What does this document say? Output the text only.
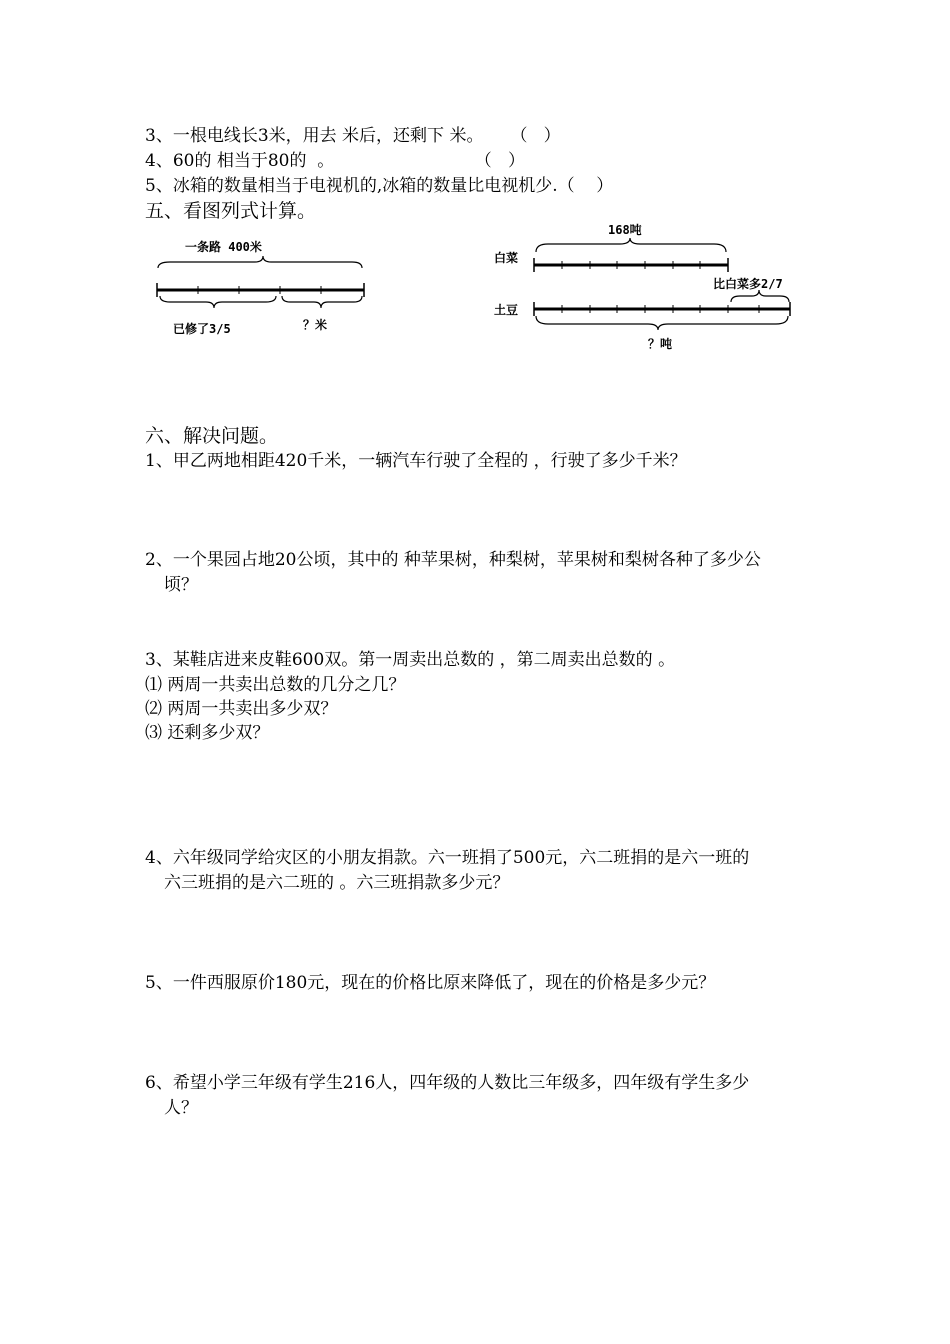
3、一根电线长3米，用去 米后，还剩下 米。     （   ）
4、60的 相当于80的  。                          （   ）
5、冰箱的数量相当于电视机的,冰箱的数量比电视机少.（    ）
五、看图列式计算。
一条路 400米
已修了3/5	？米
168吨
白菜
土豆
比白菜多2/7
？吨
六、解决问题。
1、甲乙两地相距420千米，一辆汽车行驶了全程的 ，行驶了多少千米？
2、一个果园占地20公顷，其中的 种苹果树，种梨树，苹果树和梨树各种了多少公
顷？
3、某鞋店进来皮鞋600双。第一周卖出总数的 ，第二周卖出总数的 。
⑴ 两周一共卖出总数的几分之几？
⑵ 两周一共卖出多少双？
⑶ 还剩多少双？
4、六年级同学给灾区的小朋友捐款。六一班捐了500元，六二班捐的是六一班的
六三班捐的是六二班的 。六三班捐款多少元？
5、一件西服原价180元，现在的价格比原来降低了，现在的价格是多少元？
6、希望小学三年级有学生216人，四年级的人数比三年级多，四年级有学生多少
人？
